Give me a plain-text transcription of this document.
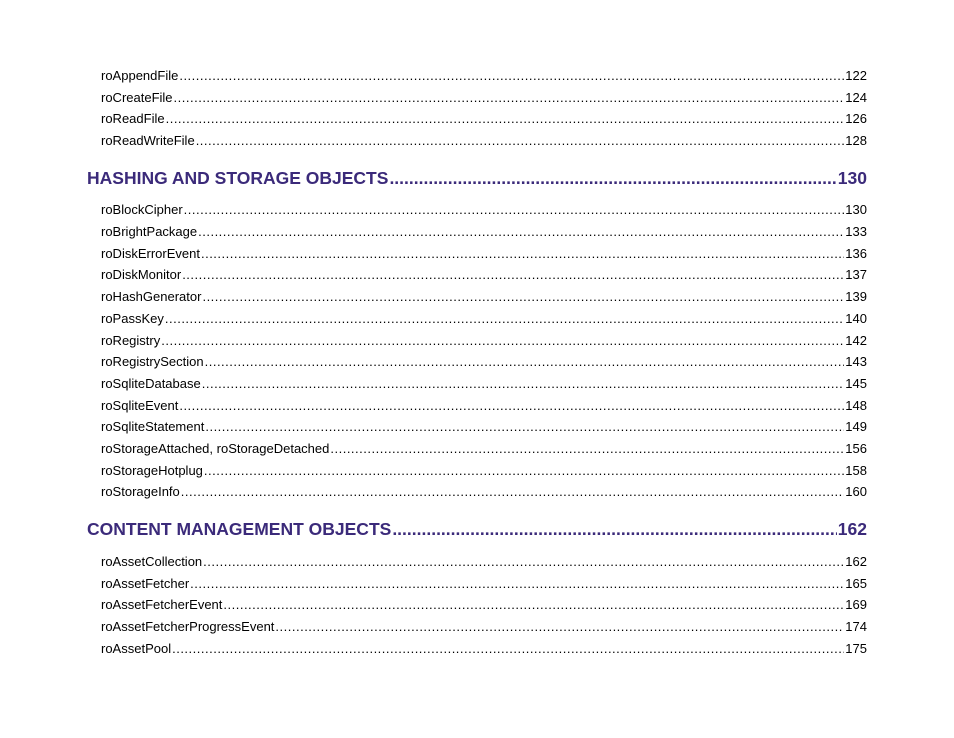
roAppendFile .....	122
roCreateFile .....	124
roReadFile .....	126
roReadWriteFile .....	128
HASHING AND STORAGE OBJECTS .....	130
roBlockCipher .....	130
roBrightPackage .....	133
roDiskErrorEvent .....	136
roDiskMonitor .....	137
roHashGenerator .....	139
roPassKey .....	140
roRegistry .....	142
roRegistrySection .....	143
roSqliteDatabase .....	145
roSqliteEvent .....	148
roSqliteStatement .....	149
roStorageAttached, roStorageDetached .....	156
roStorageHotplug .....	158
roStorageInfo .....	160
CONTENT MANAGEMENT OBJECTS .....	162
roAssetCollection .....	162
roAssetFetcher .....	165
roAssetFetcherEvent .....	169
roAssetFetcherProgressEvent .....	174
roAssetPool .....	175
